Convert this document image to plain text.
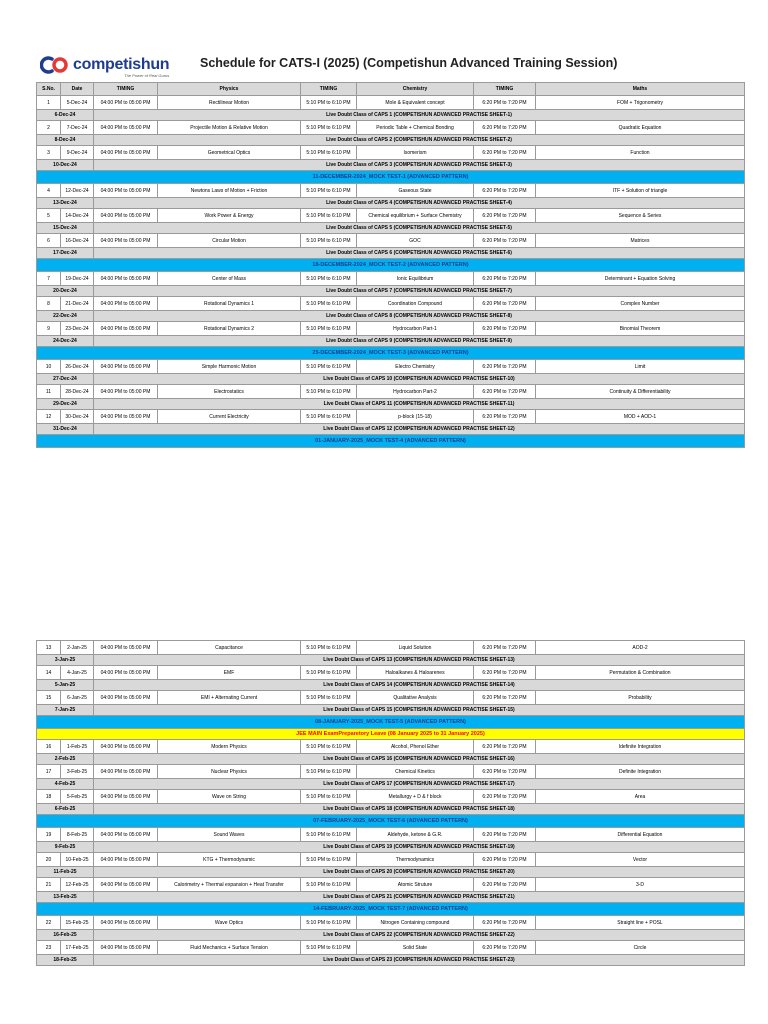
competishun
The Power of Real Gurus
Schedule for CATS-I (2025) (Competishun Advanced Training Session)
S.No.	Date	TIMING	Physics	TIMING	Chemistry	TIMING	Maths
1	5-Dec-24	04:00 PM to 05:00 PM	Rectilinear Motion	5:10 PM to 6:10 PM	Mole & Equivalent concept	6:20 PM to 7:20 PM	FOM + Trigonometry
6-Dec-24		Live Doubt Class of CAPS 1 (COMPETISHUN ADVANCED PRACTISE SHEET-1)					
2	7-Dec-24	04:00 PM to 05:00 PM	Projectile Motion & Relative Motion	5:10 PM to 6:10 PM	Periodic Table + Chemical Bonding	6:20 PM to 7:20 PM	Quadratic Equation
8-Dec-24		Live Doubt Class of CAPS 2 (COMPETISHUN ADVANCED PRACTISE SHEET-2)					
3	9-Dec-24	04:00 PM to 05:00 PM	Geometrical Optics	5:10 PM to 6:10 PM	Isomerism	6:20 PM to 7:20 PM	Function
10-Dec-24		Live Doubt Class of CAPS 3 (COMPETISHUN ADVANCED PRACTISE SHEET-3)					
11-DECEMBER-2024_MOCK TEST-1 (ADVANCED PATTERN)							
4	12-Dec-24	04:00 PM to 05:00 PM	Newtons Laws of Motion + Friction	5:10 PM to 6:10 PM	Gaseous State	6:20 PM to 7:20 PM	ITF + Solution of triangle
13-Dec-24		Live Doubt Class of CAPS 4 (COMPETISHUN ADVANCED PRACTISE SHEET-4)					
5	14-Dec-24	04:00 PM to 05:00 PM	Work Power & Energy	5:10 PM to 6:10 PM	Chemical equilibrium + Surface Chemistry	6:20 PM to 7:20 PM	Sequence & Series
15-Dec-24		Live Doubt Class of CAPS 5 (COMPETISHUN ADVANCED PRACTISE SHEET-5)					
6	16-Dec-24	04:00 PM to 05:00 PM	Circular Motion	5:10 PM to 6:10 PM	GOC	6:20 PM to 7:20 PM	Matrices
17-Dec-24		Live Doubt Class of CAPS 6 (COMPETISHUN ADVANCED PRACTISE SHEET-6)					
18-DECEMBER-2024_MOCK TEST-2 (ADVANCED PATTERN)							
7	19-Dec-24	04:00 PM to 05:00 PM	Center of Mass	5:10 PM to 6:10 PM	Ionic Equilibrium	6:20 PM to 7:20 PM	Determinant + Equation Solving
20-Dec-24		Live Doubt Class of CAPS 7 (COMPETISHUN ADVANCED PRACTISE SHEET-7)					
8	21-Dec-24	04:00 PM to 05:00 PM	Rotational Dynamics 1	5:10 PM to 6:10 PM	Coordination Compound	6:20 PM to 7:20 PM	Complex Number
22-Dec-24		Live Doubt Class of CAPS 8 (COMPETISHUN ADVANCED PRACTISE SHEET-8)					
9	23-Dec-24	04:00 PM to 05:00 PM	Rotational Dynamics 2	5:10 PM to 6:10 PM	Hydrocarbon Part-1	6:20 PM to 7:20 PM	Binomial Theorem
24-Dec-24		Live Doubt Class of CAPS 9 (COMPETISHUN ADVANCED PRACTISE SHEET-9)					
25-DECEMBER-2024_MOCK TEST-3 (ADVANCED PATTERN)							
10	26-Dec-24	04:00 PM to 05:00 PM	Simple Harmonic Motion	5:10 PM to 6:10 PM	Electro Chemistry	6:20 PM to 7:20 PM	Limit
27-Dec-24		Live Doubt Class of CAPS 10 (COMPETISHUN ADVANCED PRACTISE SHEET-10)					
11	28-Dec-24	04:00 PM to 05:00 PM	Electrostatics	5:10 PM to 6:10 PM	Hydrocarbon Part-2	6:20 PM to 7:20 PM	Continuity & Differentiability
29-Dec-24		Live Doubt Class of CAPS 11 (COMPETISHUN ADVANCED PRACTISE SHEET-11)					
12	30-Dec-24	04:00 PM to 05:00 PM	Current Electricity	5:10 PM to 6:10 PM	p-block (15-18)	6:20 PM to 7:20 PM	MOD + AOD-1
31-Dec-24		Live Doubt Class of CAPS 12 (COMPETISHUN ADVANCED PRACTISE SHEET-12)					
01-JANUARY-2025_MOCK TEST-4 (ADVANCED PATTERN)							
13	2-Jan-25	04:00 PM to 05:00 PM	Capacitance	5:10 PM to 6:10 PM	Liquid Solution	6:20 PM to 7:20 PM	AOD-2
3-Jan-25		Live Doubt Class of CAPS 13 (COMPETISHUN ADVANCED PRACTISE SHEET-13)					
14	4-Jan-25	04:00 PM to 05:00 PM	EMF	5:10 PM to 6:10 PM	Haloalkanes & Haloarenes	6:20 PM to 7:20 PM	Permutation & Combination
5-Jan-25		Live Doubt Class of CAPS 14 (COMPETISHUN ADVANCED PRACTISE SHEET-14)					
15	6-Jan-25	04:00 PM to 05:00 PM	EMI + Alternating Current	5:10 PM to 6:10 PM	Qualitative Analysis	6:20 PM to 7:20 PM	Probability
7-Jan-25		Live Doubt Class of CAPS 15 (COMPETISHUN ADVANCED PRACTISE SHEET-15)					
08-JANUARY-2025_MOCK TEST-5 (ADVANCED PATTERN)							
JEE MAIN ExamPreparetory Leave (08 January 2025 to 31 January 2025)							
16	1-Feb-25	04:00 PM to 05:00 PM	Modern Physics	5:10 PM to 6:10 PM	Alcohol, Phenol Ether	6:20 PM to 7:20 PM	Idefinite Integration
2-Feb-25		Live Doubt Class of CAPS 16 (COMPETISHUN ADVANCED PRACTISE SHEET-16)					
17	3-Feb-25	04:00 PM to 05:00 PM	Nuclear Physics	5:10 PM to 6:10 PM	Chemical Kinetics	6:20 PM to 7:20 PM	Definite Integration
4-Feb-25		Live Doubt Class of CAPS 17 (COMPETISHUN ADVANCED PRACTISE SHEET-17)					
18	5-Feb-25	04:00 PM to 05:00 PM	Wave on String	5:10 PM to 6:10 PM	Metallurgy + D & f block	6:20 PM to 7:20 PM	Area
6-Feb-25		Live Doubt Class of CAPS 18 (COMPETISHUN ADVANCED PRACTISE SHEET-18)					
07-FEBRUARY-2025_MOCK TEST-6 (ADVANCED PATTERN)							
19	8-Feb-25	04:00 PM to 05:00 PM	Sound Waves	5:10 PM to 6:10 PM	Aldehyde, ketone & G.R.	6:20 PM to 7:20 PM	Differential Equation
9-Feb-25		Live Doubt Class of CAPS 19 (COMPETISHUN ADVANCED PRACTISE SHEET-19)					
20	10-Feb-25	04:00 PM to 05:00 PM	KTG + Thermodynamic	5:10 PM to 6:10 PM	Thermodynamics	6:20 PM to 7:20 PM	Vector
11-Feb-25		Live Doubt Class of CAPS 20 (COMPETISHUN ADVANCED PRACTISE SHEET-20)					
21	12-Feb-25	04:00 PM to 05:00 PM	Calorimetry + Thermal expansion + Heat Transfer	5:10 PM to 6:10 PM	Atomic Struture	6:20 PM to 7:20 PM	3-D
13-Feb-25		Live Doubt Class of CAPS 21 (COMPETISHUN ADVANCED PRACTISE SHEET-21)					
14-FEBRUARY-2025_MOCK TEST-7 (ADVANCED PATTERN)							
22	15-Feb-25	04:00 PM to 05:00 PM	Wave Optics	5:10 PM to 6:10 PM	Nitrogen Containing compound	6:20 PM to 7:20 PM	Straight line + POSL
16-Feb-25		Live Doubt Class of CAPS 22 (COMPETISHUN ADVANCED PRACTISE SHEET-22)					
23	17-Feb-25	04:00 PM to 05:00 PM	Fluid Mechanics + Surface Tension	5:10 PM to 6:10 PM	Solid State	6:20 PM to 7:20 PM	Circle
18-Feb-25		Live Doubt Class of CAPS 23 (COMPETISHUN ADVANCED PRACTISE SHEET-23)					
